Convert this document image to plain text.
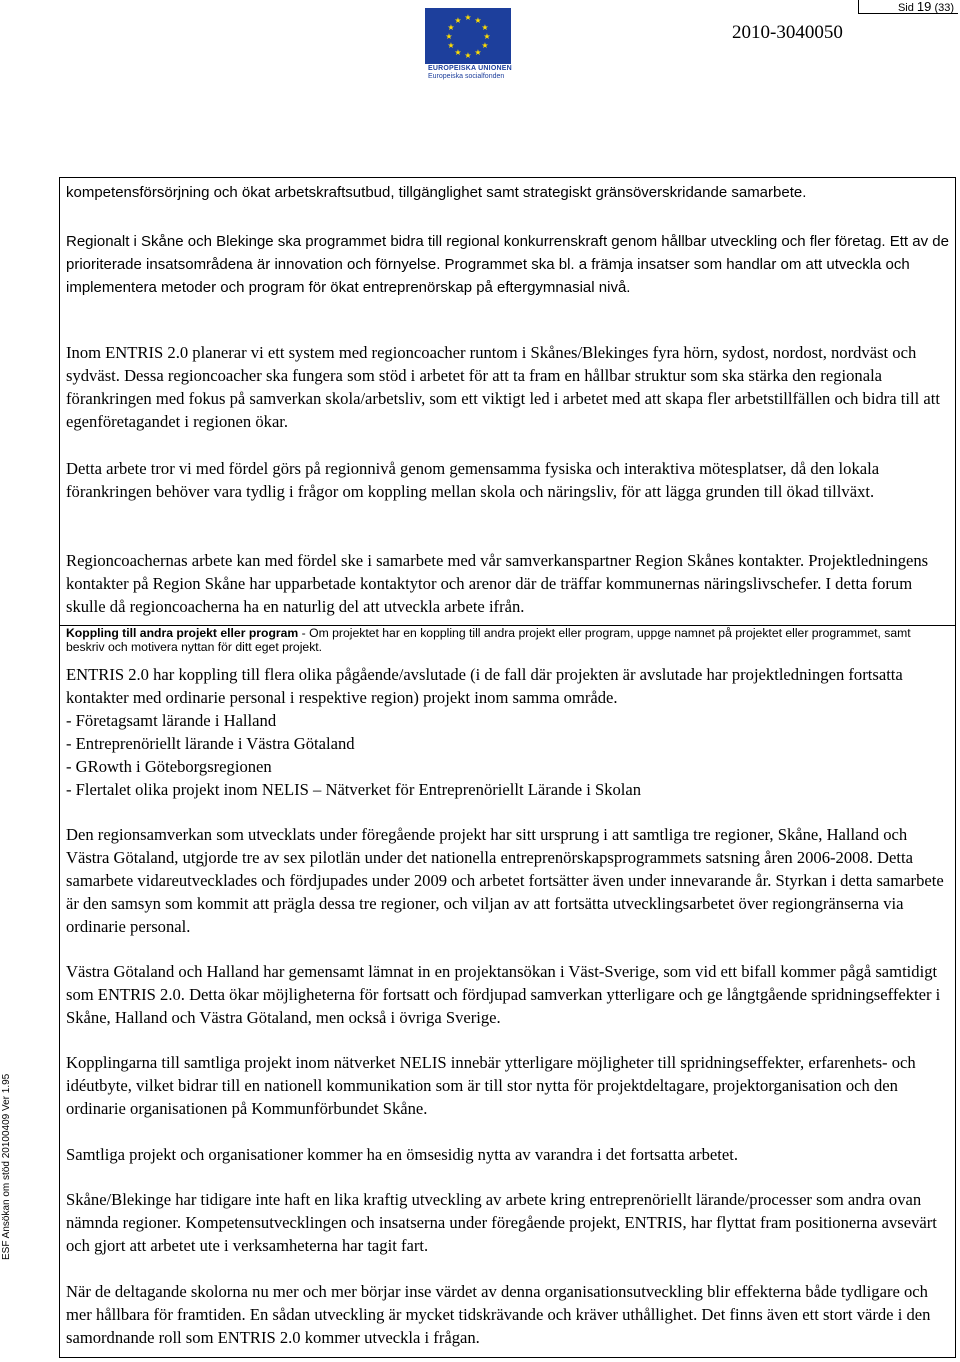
Sid 19 (33)
★ ★
★
★
★
★
★
★
★
★
★
★
EUROPEISKA UNIONEN
Europeiska socialfonden
2010-3040050
ESF Ansökan om stöd 20100409 Ver 1.95

kompetensförsörjning och ökat arbetskraftsutbud, tillgänglighet samt strategiskt gränsöverskridande samarbete.

Regionalt i Skåne och Blekinge ska programmet bidra till regional konkurrenskraft genom hållbar utveckling och fler företag. Ett av de prioriterade insatsområdena är innovation och förnyelse. Programmet ska bl. a främja insatser som handlar om att utveckla och implementera metoder och program för ökat entreprenörskap på eftergymnasial nivå.

Inom ENTRIS 2.0 planerar vi ett system med regioncoacher runtom i Skånes/Blekinges fyra hörn, sydost, nordost, nordväst och sydväst. Dessa regioncoacher ska fungera som stöd i arbetet för att ta fram en hållbar struktur som ska stärka den regionala förankringen med fokus på samverkan skola/arbetsliv, som ett viktigt led i arbetet med att skapa fler arbetstillfällen och bidra till att egenföretagandet i regionen ökar.

Detta arbete tror vi med fördel görs på regionnivå genom gemensamma fysiska och interaktiva mötesplatser, då den lokala förankringen behöver vara tydlig i frågor om koppling mellan skola och näringsliv, för att lägga grunden till ökad tillväxt.

Regioncoachernas arbete kan med fördel ske i samarbete med vår samverkanspartner Region Skånes kontakter. Projektledningens kontakter på Region Skåne har upparbetade kontaktytor och arenor där de träffar kommunernas näringslivschefer. I detta forum skulle då regioncoacherna ha en naturlig del att utveckla arbete ifrån.

Koppling till andra projekt eller program - Om projektet har en koppling till andra projekt eller program, uppge namnet på projektet eller programmet, samt beskriv och motivera nyttan för ditt eget projekt.

ENTRIS 2.0 har koppling till flera olika pågående/avslutade (i de fall där projekten är avslutade har projektledningen fortsatta kontakter med ordinarie personal i respektive region) projekt inom samma område.
- Företagsamt lärande i Halland
- Entreprenöriellt lärande i Västra Götaland
- GRowth i Göteborgsregionen
- Flertalet olika projekt inom NELIS – Nätverket för Entreprenöriellt Lärande i Skolan

Den regionsamverkan som utvecklats under föregående projekt har sitt ursprung i att samtliga tre regioner, Skåne, Halland och Västra Götaland, utgjorde tre av sex pilotlän under det nationella entreprenörskapsprogrammets satsning åren 2006-2008. Detta samarbete vidareutvecklades och fördjupades under 2009 och arbetet fortsätter även under innevarande år. Styrkan i detta samarbete är den samsyn som kommit att prägla dessa tre regioner, och viljan av att fortsätta utvecklingsarbetet över regiongränserna via ordinarie personal.

Västra Götaland och Halland har gemensamt lämnat in en projektansökan i Väst-Sverige, som vid ett bifall kommer pågå samtidigt som ENTRIS 2.0. Detta ökar möjligheterna för fortsatt och fördjupad samverkan ytterligare och ge långtgående spridningseffekter i Skåne, Halland och Västra Götaland, men också i övriga Sverige.

Kopplingarna till samtliga projekt inom nätverket NELIS innebär ytterligare möjligheter till spridningseffekter, erfarenhets- och idéutbyte, vilket bidrar till en nationell kommunikation som är till stor nytta för projektdeltagare, projektorganisation och den ordinarie organisationen på Kommunförbundet Skåne.

Samtliga projekt och organisationer kommer ha en ömsesidig nytta av varandra i det fortsatta arbetet.

Skåne/Blekinge har tidigare inte haft en lika kraftig utveckling av arbete kring entreprenöriellt lärande/processer som andra ovan nämnda regioner. Kompetensutvecklingen och insatserna under föregående projekt, ENTRIS, har flyttat fram positionerna avsevärt och gjort att arbetet ute i verksamheterna har tagit fart.

När de deltagande skolorna nu mer och mer börjar inse värdet av denna organisationsutveckling blir effekterna både tydligare och mer hållbara för framtiden. En sådan utveckling är mycket tidskrävande och kräver uthållighet. Det finns även ett stort värde i den samordnande roll som ENTRIS 2.0 kommer utveckla i frågan.
